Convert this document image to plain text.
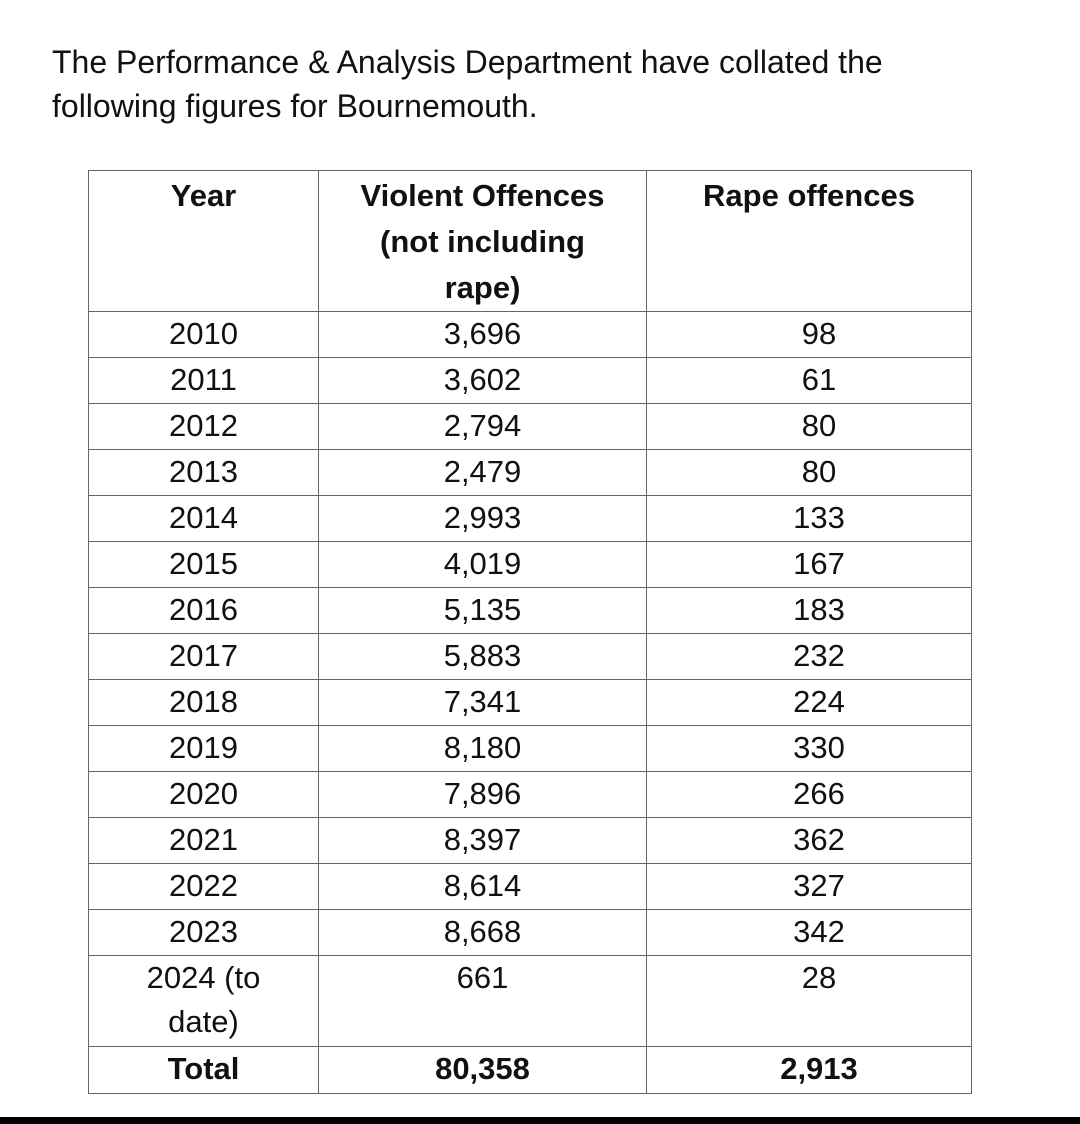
The Performance & Analysis Department have collated the
following figures for Bournemouth.
Year	Violent Offences (not including rape)	Rape offences
2010	3,696	98
2011	3,602	61
2012	2,794	80
2013	2,479	80
2014	2,993	133
2015	4,019	167
2016	5,135	183
2017	5,883	232
2018	7,341	224
2019	8,180	330
2020	7,896	266
2021	8,397	362
2022	8,614	327
2023	8,668	342
2024 (to date)	661	28
Total	80,358	2,913
